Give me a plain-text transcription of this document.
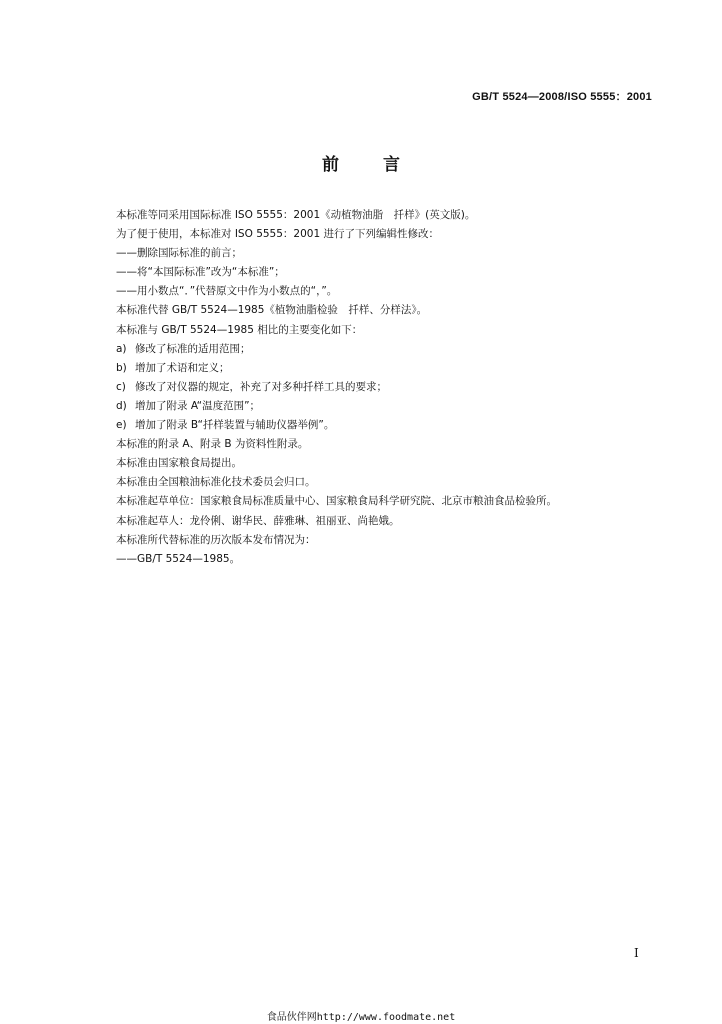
GB/T 5524—2008/ISO 5555：2001
前	言
本标准等同采用国际标准 ISO 5555：2001《动植物油脂　扦样》(英文版)。
为了便于使用，本标准对 ISO 5555：2001 进行了下列编辑性修改：
——删除国际标准的前言；
——将“本国际标准”改为“本标准”；
——用小数点“．”代替原文中作为小数点的“，”。
本标准代替 GB/T 5524—1985《植物油脂检验　扦样、分样法》。
本标准与 GB/T 5524—1985 相比的主要变化如下：
a) 修改了标准的适用范围；
b) 增加了术语和定义；
c) 修改了对仪器的规定，补充了对多种扦样工具的要求；
d) 增加了附录 A“温度范围”；
e) 增加了附录 B“扦样装置与辅助仪器举例”。
本标准的附录 A、附录 B 为资料性附录。
本标准由国家粮食局提出。
本标准由全国粮油标准化技术委员会归口。
本标准起草单位：国家粮食局标准质量中心、国家粮食局科学研究院、北京市粮油食品检验所。
本标准起草人：龙伶俐、谢华民、薛雅琳、祖丽亚、尚艳娥。
本标准所代替标准的历次版本发布情况为：
——GB/T 5524—1985。
I
食品伙伴网http://www.foodmate.net
